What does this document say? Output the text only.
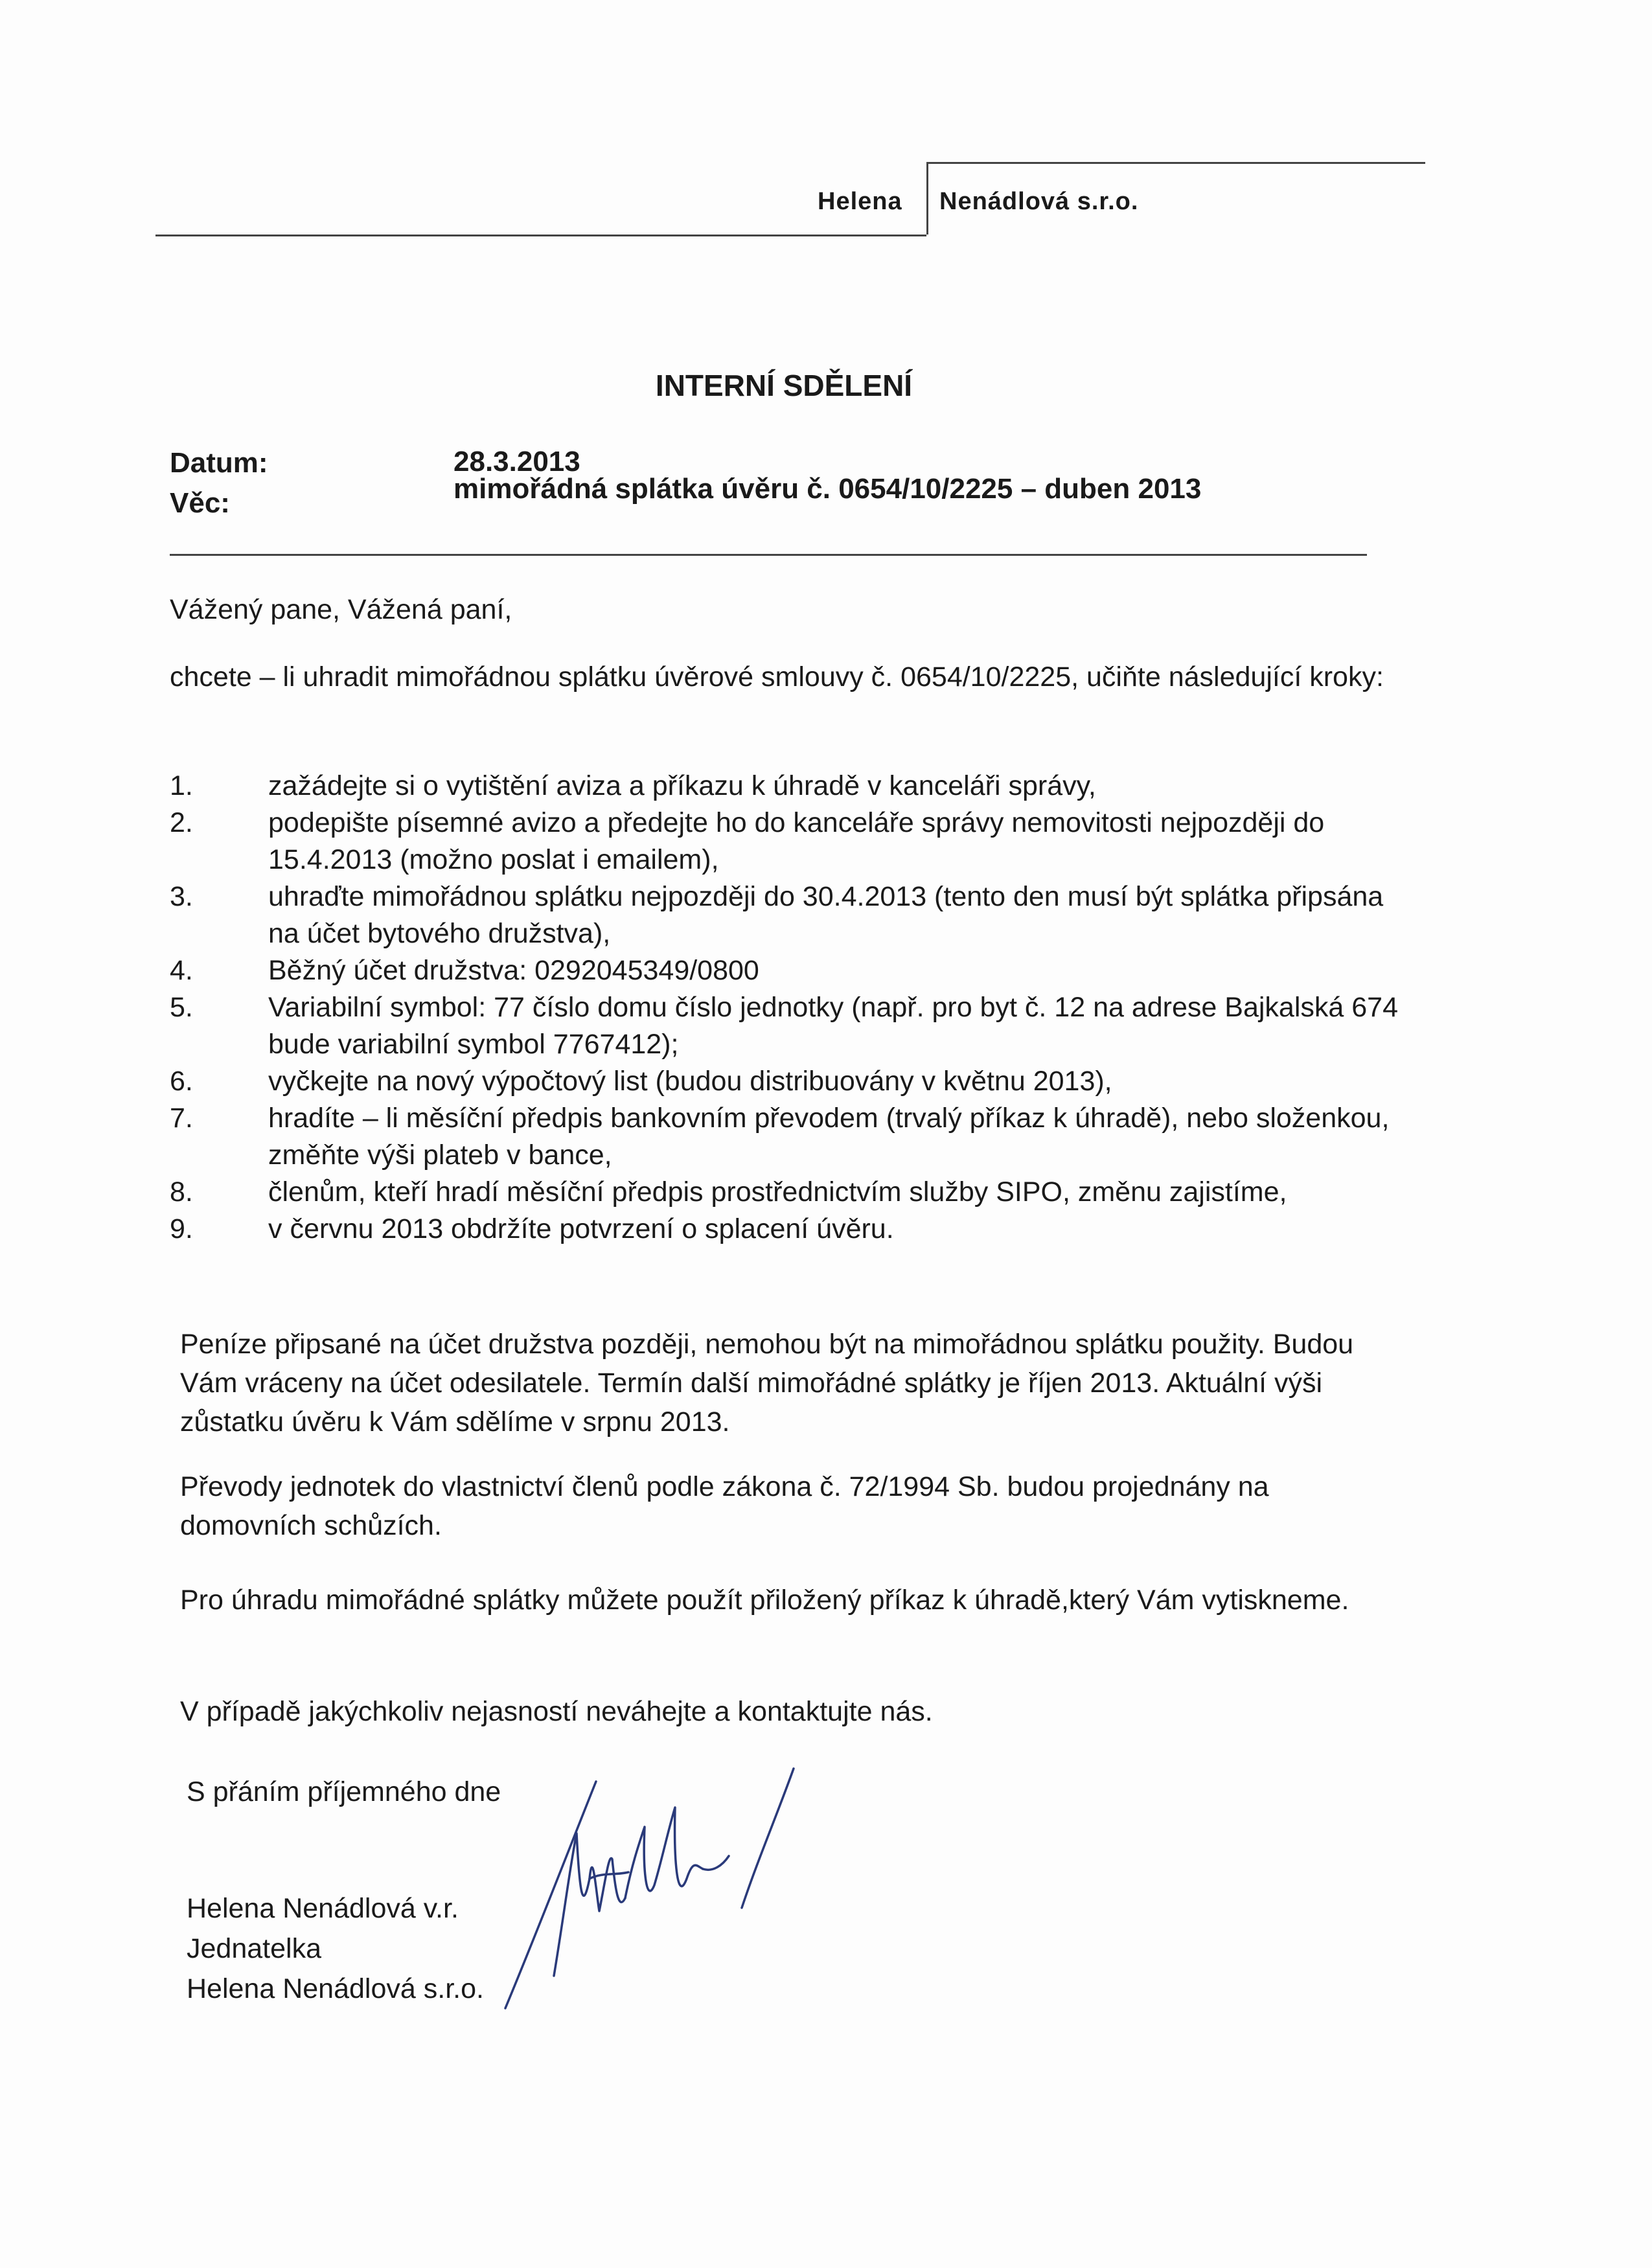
Helena Nenádlová s.r.o.
INTERNÍ SDĚLENÍ
Datum:	28.3.2013
Věc:	mimořádná splátka úvěru č. 0654/10/2225 – duben 2013
Vážený pane, Vážená paní,
chcete – li uhradit mimořádnou splátku úvěrové smlouvy č. 0654/10/2225, učiňte následující kroky:
1.	zažádejte si o vytištění aviza a příkazu k úhradě v kanceláři správy,
2.	podepište písemné avizo a předejte ho do kanceláře správy nemovitosti nejpozději do 15.4.2013 (možno poslat i emailem),
3.	uhraďte mimořádnou splátku nejpozději do 30.4.2013 (tento den musí být splátka připsána na účet bytového družstva),
4.	Běžný účet družstva: 0292045349/0800
5.	Variabilní symbol: 77 číslo domu číslo jednotky (např. pro byt č. 12 na adrese Bajkalská 674 bude variabilní symbol 7767412);
6.	vyčkejte na nový výpočtový list (budou distribuovány v květnu 2013),
7.	hradíte – li měsíční předpis bankovním převodem (trvalý příkaz k úhradě), nebo složenkou, změňte výši plateb v bance,
8.	členům, kteří hradí měsíční předpis prostřednictvím služby SIPO, změnu zajistíme,
9.	v červnu 2013 obdržíte potvrzení o splacení úvěru.
Peníze připsané na účet družstva později, nemohou být na mimořádnou splátku použity. Budou Vám vráceny na účet odesilatele. Termín další mimořádné splátky je říjen 2013. Aktuální výši zůstatku úvěru k Vám sdělíme v srpnu 2013.
Převody jednotek do vlastnictví členů podle zákona č. 72/1994 Sb. budou projednány na domovních schůzích.
Pro úhradu mimořádné splátky můžete použít přiložený příkaz k úhradě,který Vám vytiskneme.
V případě jakýchkoliv nejasností neváhejte a kontaktujte nás.
S přáním příjemného dne
Helena Nenádlová v.r.
Jednatelka
Helena Nenádlová s.r.o.
